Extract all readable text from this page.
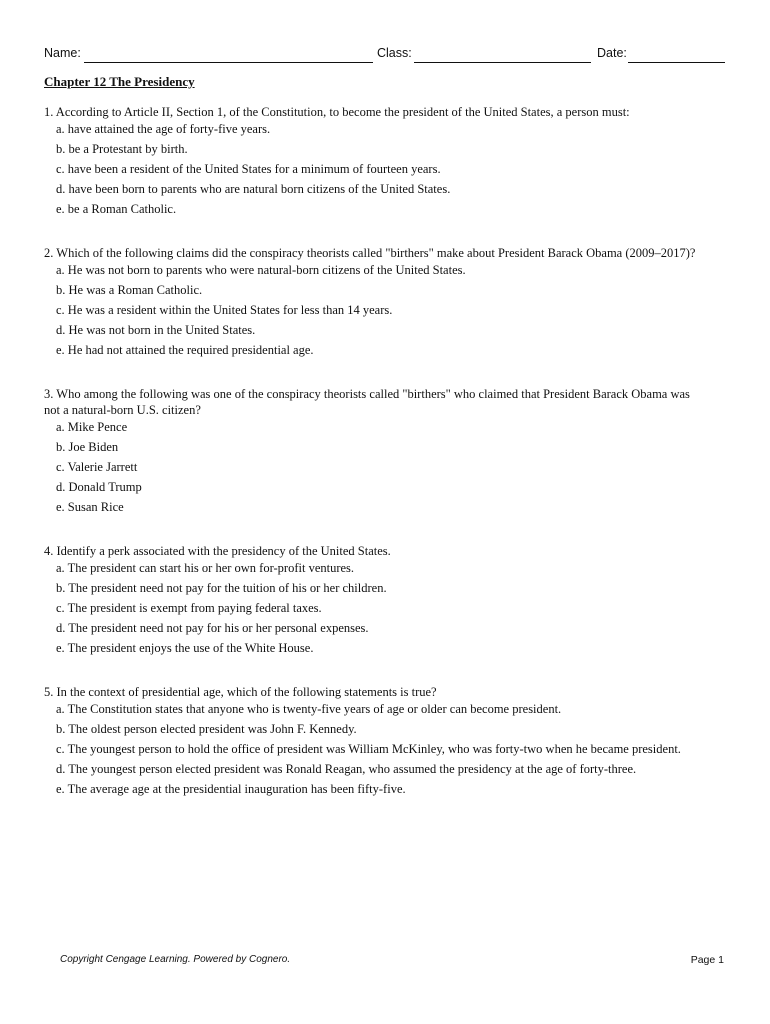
Name:	Class:	Date:
Chapter 12 The Presidency

1. According to Article II, Section 1, of the Constitution, to become the president of the United States, a person must:

a. have attained the age of forty-five years.
b. be a Protestant by birth.
c. have been a resident of the United States for a minimum of fourteen years.
d. have been born to parents who are natural born citizens of the United States.
e. be a Roman Catholic.

2. Which of the following claims did the conspiracy theorists called "birthers" make about President Barack Obama (2009–2017)?

a. He was not born to parents who were natural-born citizens of the United States.
b. He was a Roman Catholic.
c. He was a resident within the United States for less than 14 years.
d. He was not born in the United States.
e. He had not attained the required presidential age.

3. Who among the following was one of the conspiracy theorists called "birthers" who claimed that President Barack Obama was not a natural-born U.S. citizen?

a. Mike Pence
b. Joe Biden
c. Valerie Jarrett
d. Donald Trump
e. Susan Rice

4. Identify a perk associated with the presidency of the United States.

a. The president can start his or her own for-profit ventures.
b. The president need not pay for the tuition of his or her children.
c. The president is exempt from paying federal taxes.
d. The president need not pay for his or her personal expenses.
e. The president enjoys the use of the White House.

5. In the context of presidential age, which of the following statements is true?

a. The Constitution states that anyone who is twenty-five years of age or older can become president.
b. The oldest person elected president was John F. Kennedy.
c. The youngest person to hold the office of president was William McKinley, who was forty-two when he became president.
d. The youngest person elected president was Ronald Reagan, who assumed the presidency at the age of forty-three.
e. The average age at the presidential inauguration has been fifty-five.
Copyright Cengage Learning. Powered by Cognero.	Page 1
